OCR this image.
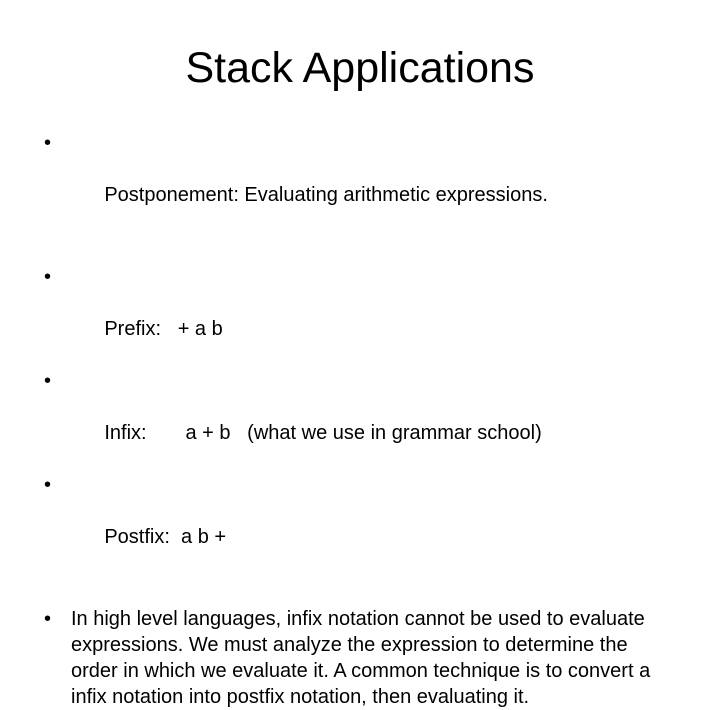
Stack Applications

•

Postponement: Evaluating arithmetic expressions.

•

Prefix:   + a b

•

Infix:       a + b   (what we use in grammar school)

•

Postfix:  a b +

• In high level languages, infix notation cannot be used to evaluate expressions. We must analyze the expression to determine the order in which we evaluate it. A common technique is to convert a infix notation into postfix notation, then evaluating it.
